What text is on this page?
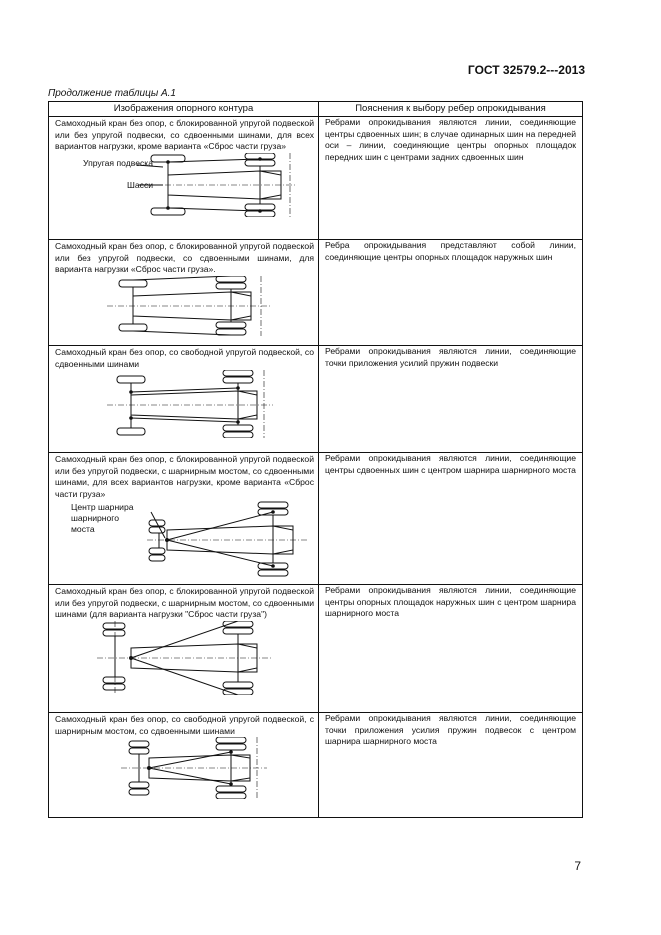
ГОСТ 32579.2---2013
Продолжение таблицы А.1
Изображения опорного контура	Пояснения к выбору ребер опрокидывания

Самоходный кран без опор, с блокированной упругой подвеской или без упругой подвески, со сдвоенными шинами, для всех вариантов нагрузки, кроме варианта «Сброс части груза»
Упругая подвеска
Шасси	Ребрами опрокидывания являются линии, соединяющие центры сдвоенных шин; в случае одинарных шин на передней оси – линии, соединяющие центры опорных площадок передних шин с центрами задних сдвоенных шин

Самоходный кран без опор, с блокированной упругой подвеской или без упругой подвески, со сдвоенными шинами, для варианта нагрузки «Сброс части груза».	Ребра опрокидывания представляют собой линии, соединяющие центры опорных площадок наружных шин

Самоходный кран без опор, со свободной упругой подвеской, со сдвоенными шинами	Ребрами опрокидывания являются линии, соединяющие точки приложения усилий пружин подвески

Самоходный кран без опор, с блокированной упругой подвеской или без упругой подвески, с шарнирным мостом, со сдвоенными шинами, для всех вариантов нагрузки, кроме варианта «Сброс части груза»
Центр шарнира шарнирного моста	Ребрами опрокидывания являются линии, соединяющие центры сдвоенных шин с центром шарнира шарнирного моста

Самоходный кран без опор, с блокированной упругой подвеской или без упругой подвески, с шарнирным мостом, со сдвоенными шинами (для варианта нагрузки "Сброс части груза")	Ребрами опрокидывания являются линии, соединяющие центры опорных площадок наружных шин с центром шарнира шарнирного моста

Самоходный кран без опор, со свободной упругой подвеской, с шарнирным мостом, со сдвоенными шинами	Ребрами опрокидывания являются линии, соединяющие точки приложения усилия пружин подвесок с центром шарнира шарнирного моста
7
